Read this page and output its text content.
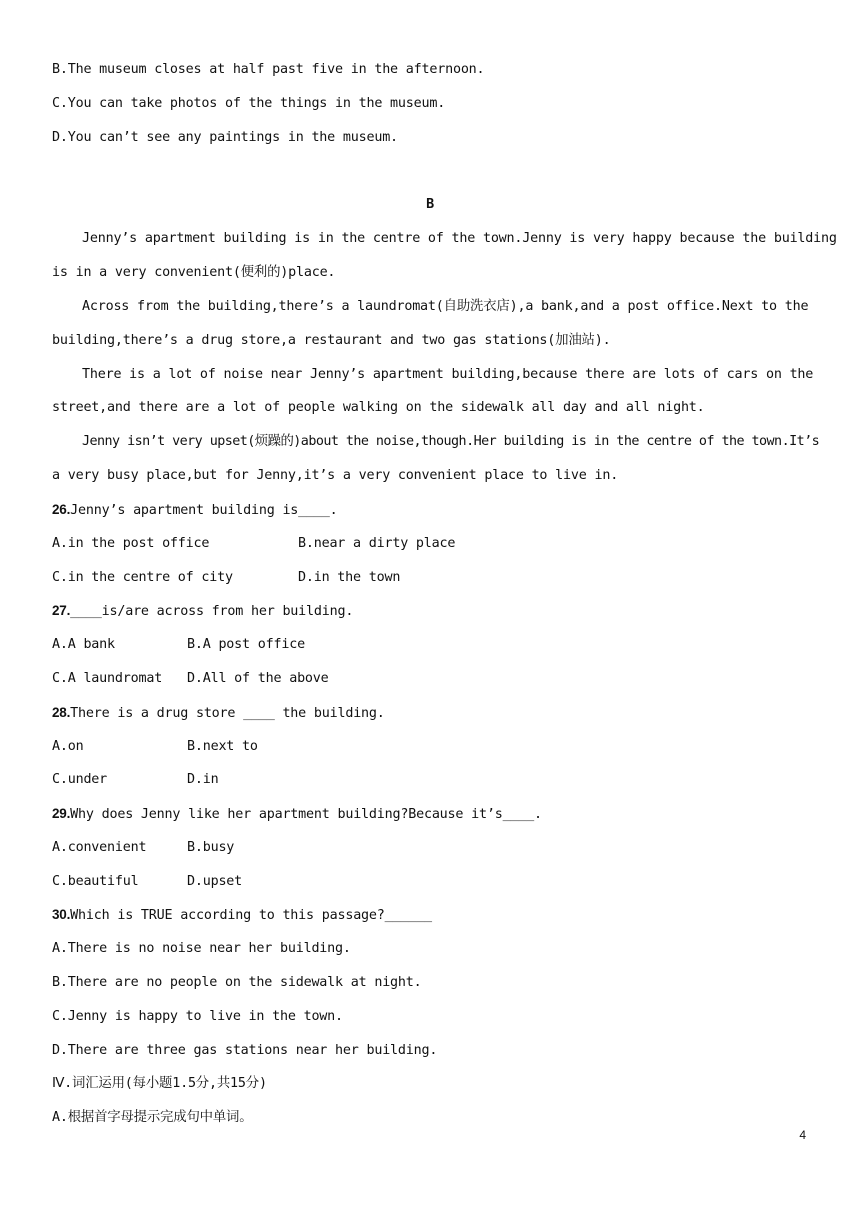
B.The museum closes at half past five in the afternoon.
C.You can take photos of the things in the museum.
D.You can’t see any paintings in the museum.
B
Jenny’s apartment building is in the centre of the town.Jenny is very happy because the building
is in a very convenient(便利的)place.
Across from the building,there’s a laundromat(自助洗衣店),a bank,and a post office.Next to the
building,there’s a drug store,a restaurant and two gas stations(加油站).
There is a lot of noise near Jenny’s apartment building,because there are lots of cars on the
street,and there are a lot of people walking on the sidewalk all day and all night.
Jenny isn’t very upset(烦躁的)about the noise,though.Her building is in the centre of the town.It’s
a very busy place,but for Jenny,it’s a very convenient place to live in.
26.Jenny’s apartment building is____.
A.in the post office	B.near a dirty place
C.in the centre of city	D.in the town
27.____is/are across from her building.
A.A bank	B.A post office
C.A laundromat D.All of the above
28.There is a drug store ____ the building.
A.on	B.next to
C.under	D.in
29.Why does Jenny like her apartment building?Because it’s____.
A.convenient	B.busy
C.beautiful	D.upset
30.Which is TRUE according to this passage?______
A.There is no noise near her building.
B.There are no people on the sidewalk at night.
C.Jenny is happy to live in the town.
D.There are three gas stations near her building.
Ⅳ.词汇运用(每小题1.5分,共15分)
A.根据首字母提示完成句中单词。
4
